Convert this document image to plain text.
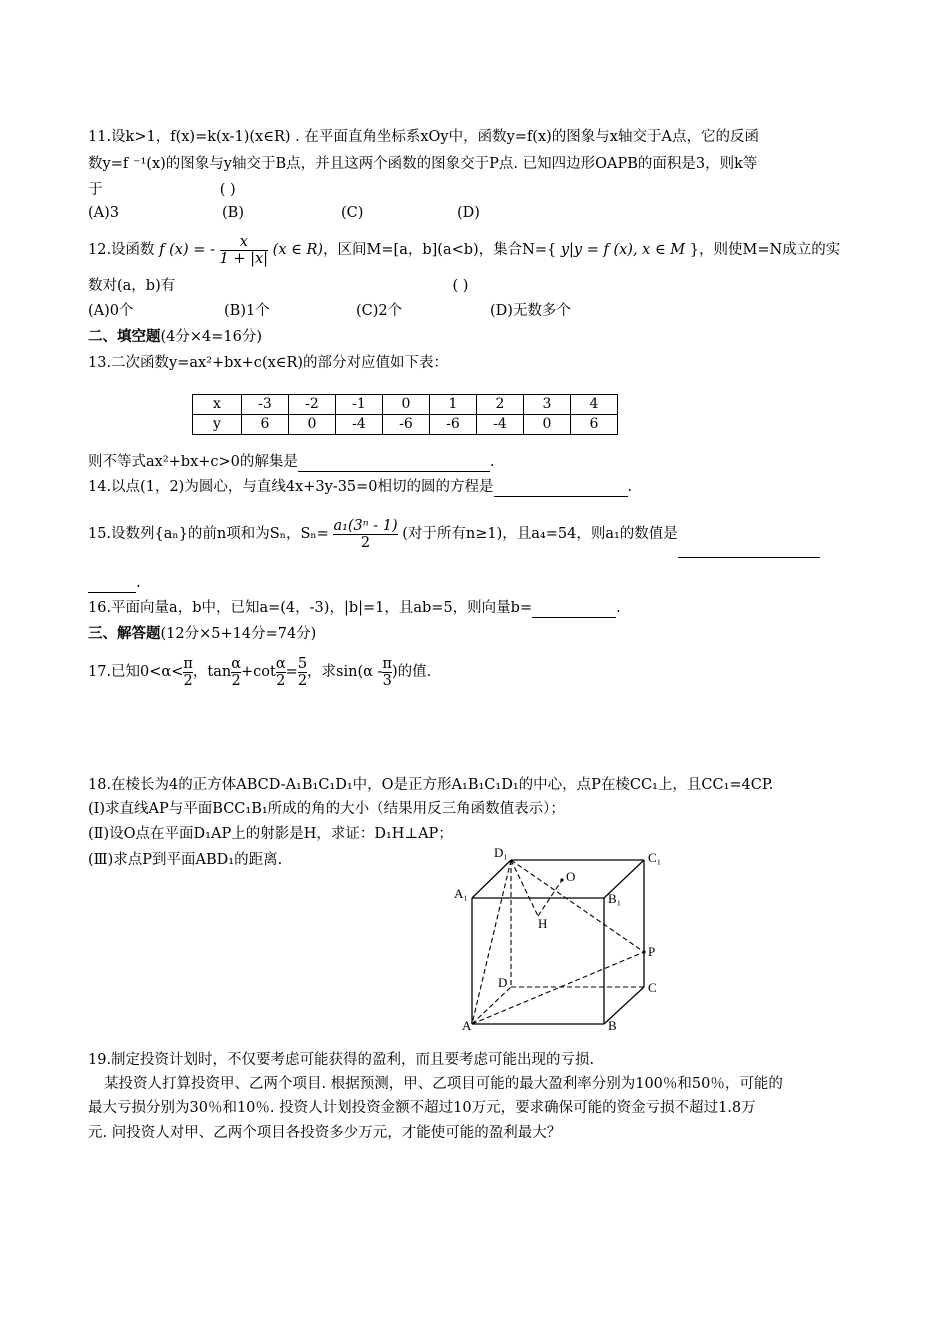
11.设k>1，f(x)=k(x-1)(x∈R) . 在平面直角坐标系xOy中，函数y=f(x)的图象与x轴交于A点，它的反函
数y=f ⁻¹(x)的图象与y轴交于B点，并且这两个函数的图象交于P点. 已知四边形OAPB的面积是3，则k等
于	( )
(A)3	(B)	(C)	(D)
12.设函数 f (x) = - $\frac{x}{1 + |x|} (x$ ∈ R)，区间M=[a，b](a<b)，集合N={ y|y = f (x), x ∈ M }，则使M=N成立的实
数对(a，b)有	( )
(A)0个	(B)1个	(C)2个	(D)无数多个
二、填空题(4分×4=16分)
13.二次函数y=ax²+bx+c(x∈R)的部分对应值如下表：
x	-3	-2	-1	0	1	2	3	4
y	6	0	-4	-6	-6	-4	0	6
则不等式ax²+bx+c>0的解集是	.
14.以点(1，2)为圆心，与直线4x+3y-35=0相切的圆的方程是	.
15.设数列{aₙ}的前n项和为Sₙ，$S_n= \frac{\text{a₁(3ⁿ - 1)}}{2}$ (对于所有n≥1)，且a₄=54，则a₁的数值是
.
16.平面向量a，b中，已知a=(4，-3)，|b|=1，且ab=5，则向量b=	.
三、解答题(12分×5+14分=74分)
17.已知$0<\alpha< \frac{\pi}{2}$ ，$\tan \frac{\alpha}{2} +\cot \frac{\alpha}{2} = \frac{5}{2}$ ，求$\sin(\alpha - \frac{\pi}{3}$ )的值.
18.在棱长为4的正方体ABCD-A₁B₁C₁D₁中，O是正方形A₁B₁C₁D₁的中心，点P在棱CC₁上，且CC₁=4CP.
(Ⅰ)求直线AP与平面BCC₁B₁所成的角的大小（结果用反三角函数值表示）；
(Ⅱ)设O点在平面D₁AP上的射影是H，求证：D₁H⊥AP；
(Ⅲ)求点P到平面ABD₁的距离.	D₁	C₁
A₁	B₁
O
H
P
D	C
A	B
19.制定投资计划时，不仅要考虑可能获得的盈利，而且要考虑可能出现的亏损.
某投资人打算投资甲、乙两个项目. 根据预测，甲、乙项目可能的最大盈利率分别为100％和50％，可能的
最大亏损分别为30％和10％. 投资人计划投资金额不超过10万元，要求确保可能的资金亏损不超过1.8万
元. 问投资人对甲、乙两个项目各投资多少万元，才能使可能的盈利最大？
